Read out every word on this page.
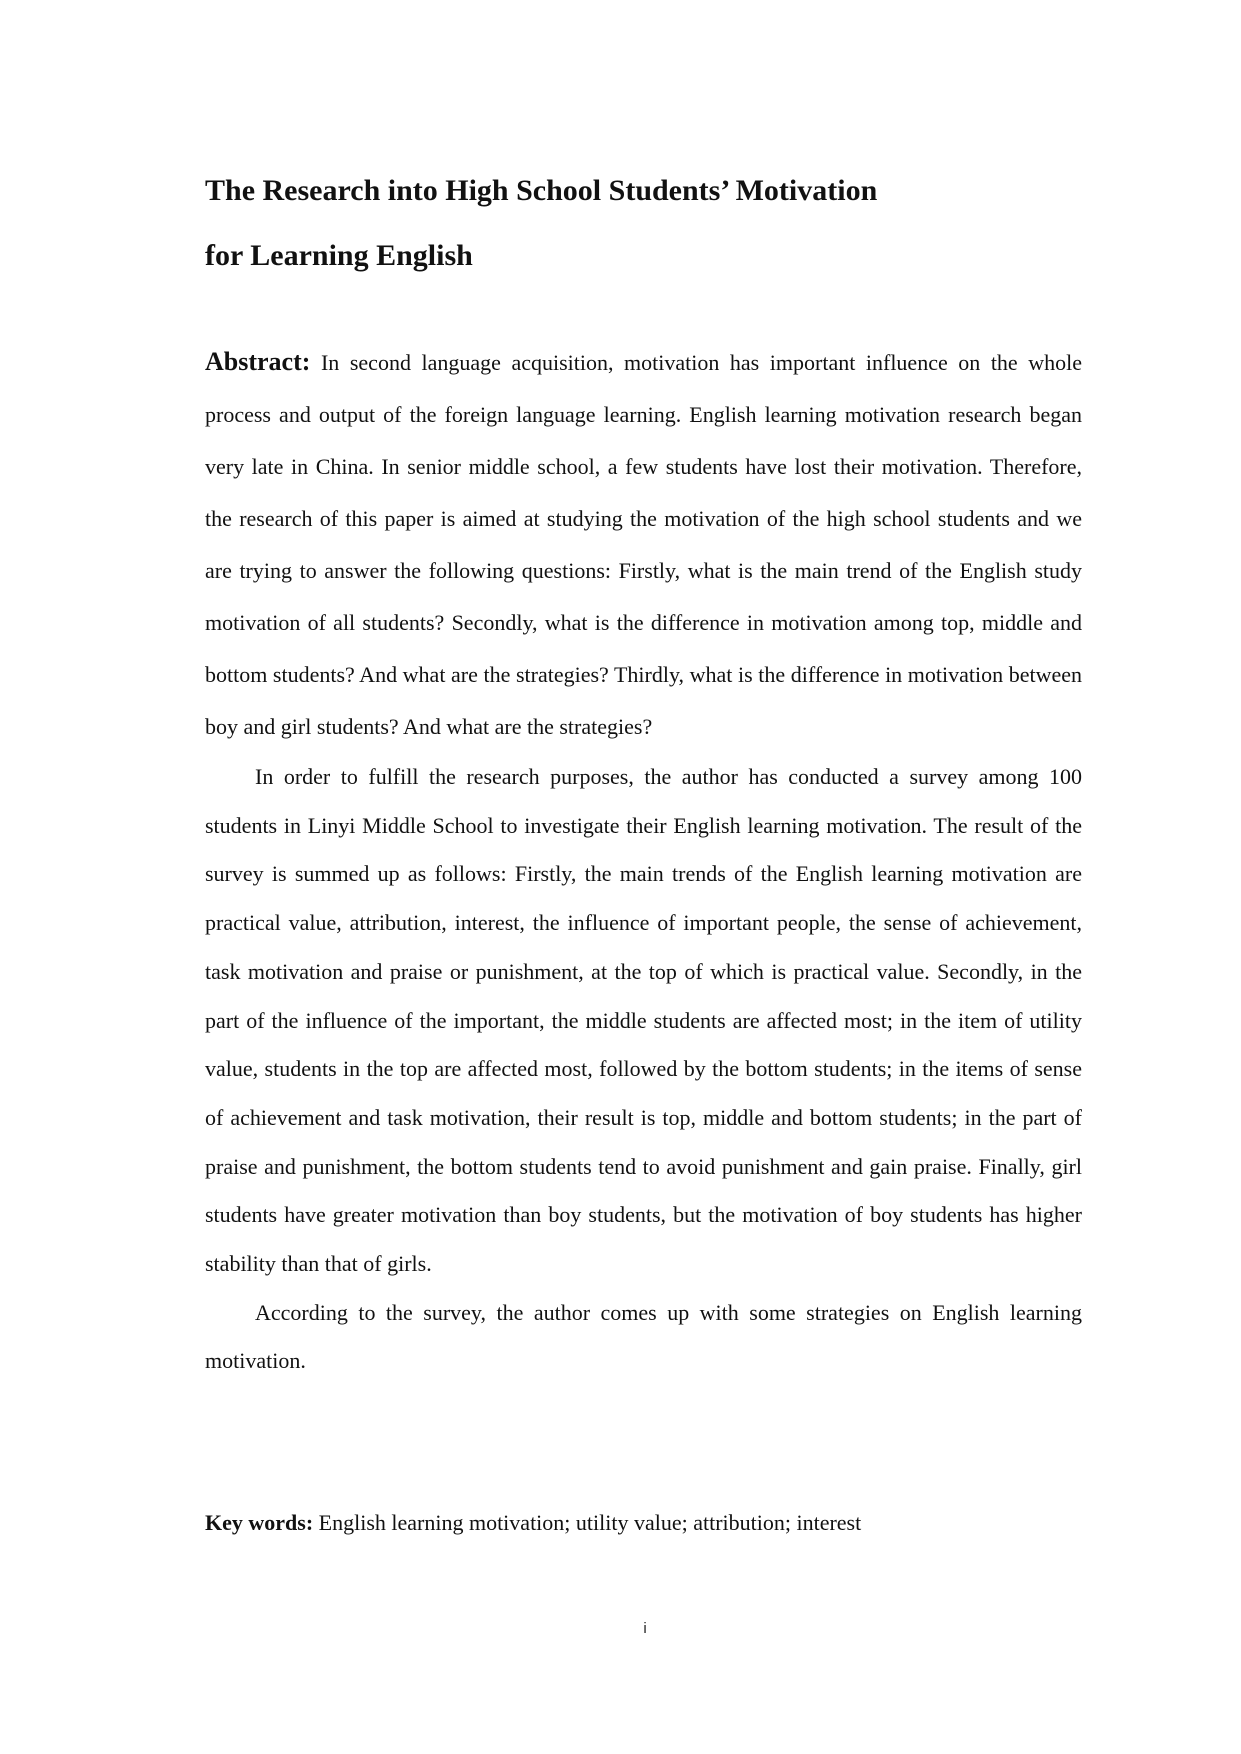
The Research into High School Students’ Motivation
for Learning English

Abstract: In second language acquisition, motivation has important influence on the whole process and output of the foreign language learning. English learning motivation research began very late in China. In senior middle school, a few students have lost their motivation. Therefore, the research of this paper is aimed at studying the motivation of the high school students and we are trying to answer the following questions: Firstly, what is the main trend of the English study motivation of all students? Secondly, what is the difference in motivation among top, middle and bottom students? And what are the strategies? Thirdly, what is the difference in motivation between boy and girl students? And what are the strategies?

In order to fulfill the research purposes, the author has conducted a survey among 100 students in Linyi Middle School to investigate their English learning motivation. The result of the survey is summed up as follows: Firstly, the main trends of the English learning motivation are practical value, attribution, interest, the influence of important people, the sense of achievement, task motivation and praise or punishment, at the top of which is practical value. Secondly, in the part of the influence of the important, the middle students are affected most; in the item of utility value, students in the top are affected most, followed by the bottom students; in the items of sense of achievement and task motivation, their result is top, middle and bottom students; in the part of praise and punishment, the bottom students tend to avoid punishment and gain praise. Finally, girl students have greater motivation than boy students, but the motivation of boy students has higher stability than that of girls.

According to the survey, the author comes up with some strategies on English learning motivation.

Key words: English learning motivation; utility value; attribution; interest

i
